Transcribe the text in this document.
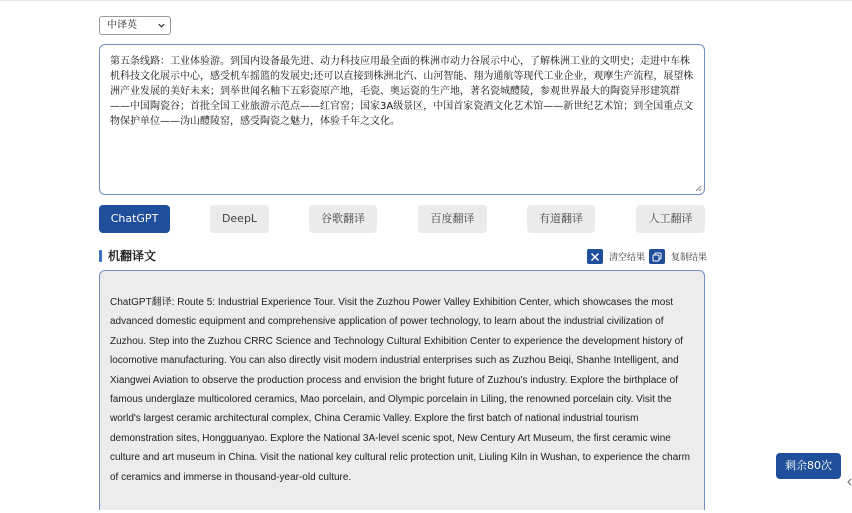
中译英
第五条线路：工业体验游。到国内设备最先进、动力科技应用最全面的株洲市动力谷展示中心，了解株洲工业的文明史；走进中车株机科技文化展示中心，感受机车摇篮的发展史;还可以直接到株洲北汽、山河智能、翔为通航等现代工业企业，观摩生产流程，展望株洲产业发展的美好未来；到举世闻名釉下五彩瓷原产地，毛瓷、奥运瓷的生产地，著名瓷城醴陵，参观世界最大的陶瓷异形建筑群——中国陶瓷谷；首批全国工业旅游示范点——红官窑；国家3A级景区，中国首家瓷酒文化艺术馆——新世纪艺术馆；到全国重点文物保护单位——沩山醴陵窑，感受陶瓷之魅力，体验千年之文化。
ChatGPT	DeepL	谷歌翻译	百度翻译	有道翻译	人工翻译
机翻译文	清空结果	复制结果
ChatGPT翻译: Route 5: Industrial Experience Tour. Visit the Zuzhou Power Valley Exhibition Center, which showcases the most advanced domestic equipment and comprehensive application of power technology, to learn about the industrial civilization of Zuzhou. Step into the Zuzhou CRRC Science and Technology Cultural Exhibition Center to experience the development history of locomotive manufacturing. You can also directly visit modern industrial enterprises such as Zuzhou Beiqi, Shanhe Intelligent, and Xiangwei Aviation to observe the production process and envision the bright future of Zuzhou's industry. Explore the birthplace of famous underglaze multicolored ceramics, Mao porcelain, and Olympic porcelain in Liling, the renowned porcelain city. Visit the world's largest ceramic architectural complex, China Ceramic Valley. Explore the first batch of national industrial tourism demonstration sites, Hongguanyao. Explore the National 3A-level scenic spot, New Century Art Museum, the first ceramic wine culture and art museum in China. Visit the national key cultural relic protection unit, Liuling Kiln in Wushan, to experience the charm of ceramics and immerse in thousand-year-old culture.
剩余80次
